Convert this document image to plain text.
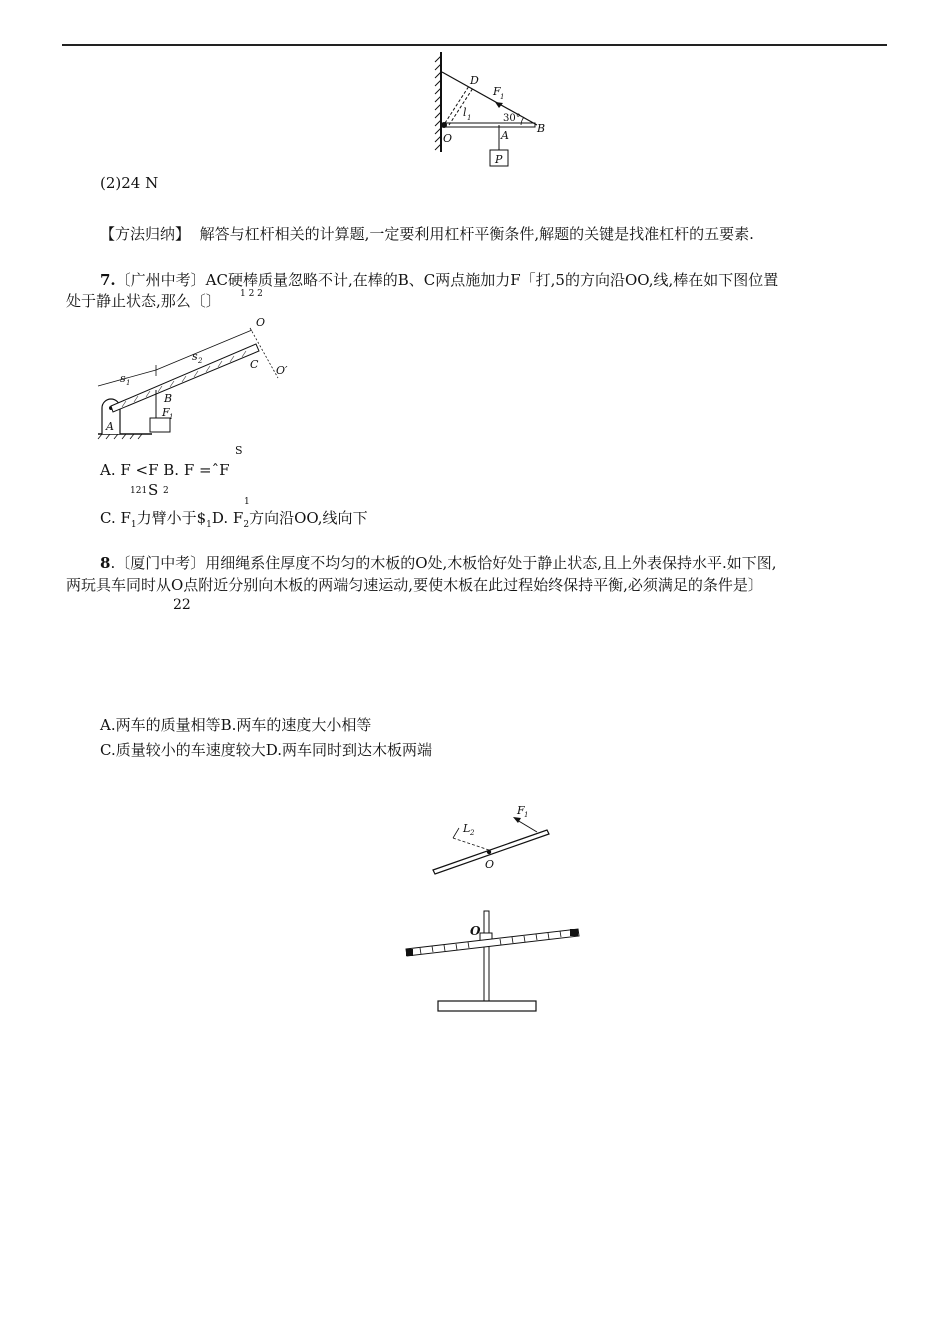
D
F 1
l 1	30°
O	A
B
P
(2)24 N
【方法归纳】 解答与杠杆相关的计算题,一定要利用杠杆平衡条件,解题的关键是找准杠杆的五要素.
7.〔广州中考〕AC硬棒质量忽略不计,在棒的B、C两点施加力F「打,5的方向沿OO,线,棒在如下图位置
处于静止状态,那么〔〕 1 2 2
O
O′
C
s 1
s 2
B
F 1
A
S
A. F <F B. F =ˆF
121 S 2
1
C. $F_1$力臂小于$\$_1D$. $F_2$方向沿OO,线向下
8.〔厦门中考〕用细绳系住厚度不均匀的木板的O处,木板恰好处于静止状态,且上外表保持水平.如下图,
两玩具车同时从O点附近分别向木板的两端匀速运动,要使木板在此过程始终保持平衡,必须满足的条件是〕
22
A.两车的质量相等B.两车的速度大小相等
C.质量较小的车速度较大D.两车同时到达木板两端
F 1
L 2
O
O
